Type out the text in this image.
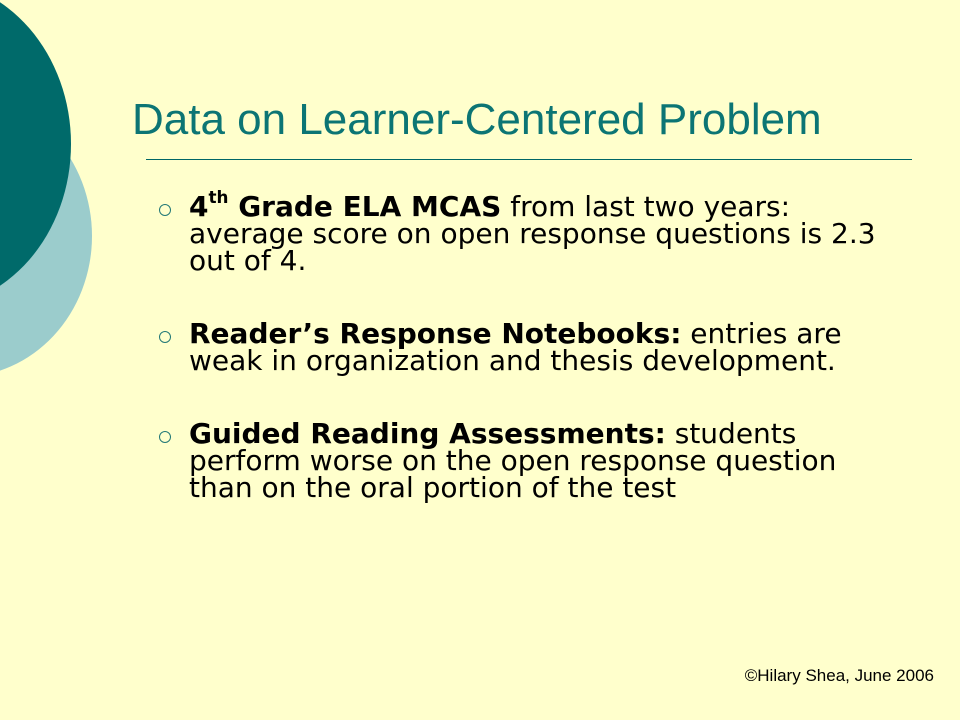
Data on Learner-Centered Problem
4th Grade ELA MCAS from last two years: average score on open response questions is 2.3 out of 4.
Reader’s Response Notebooks: entries are weak in organization and thesis development.
Guided Reading Assessments: students perform worse on the open response question than on the oral portion of the test
©Hilary Shea, June 2006
